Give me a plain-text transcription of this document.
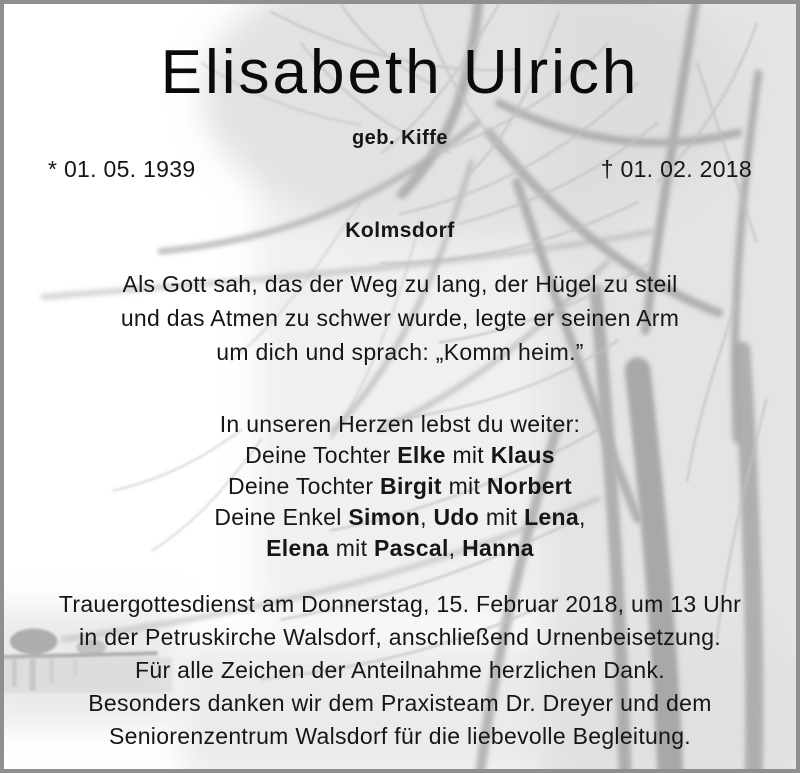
Elisabeth Ulrich
geb. Kiffe
* 01. 05. 1939	† 01. 02. 2018
Kolmsdorf
Als Gott sah, das der Weg zu lang, der Hügel zu steil
und das Atmen zu schwer wurde, legte er seinen Arm
um dich und sprach: „Komm heim.”
In unseren Herzen lebst du weiter:
Deine Tochter Elke mit Klaus
Deine Tochter Birgit mit Norbert
Deine Enkel Simon, Udo mit Lena,
Elena mit Pascal, Hanna
Trauergottesdienst am Donnerstag, 15. Februar 2018, um 13 Uhr
in der Petruskirche Walsdorf, anschließend Urnenbeisetzung.
Für alle Zeichen der Anteilnahme herzlichen Dank.
Besonders danken wir dem Praxisteam Dr. Dreyer und dem
Seniorenzentrum Walsdorf für die liebevolle Begleitung.
